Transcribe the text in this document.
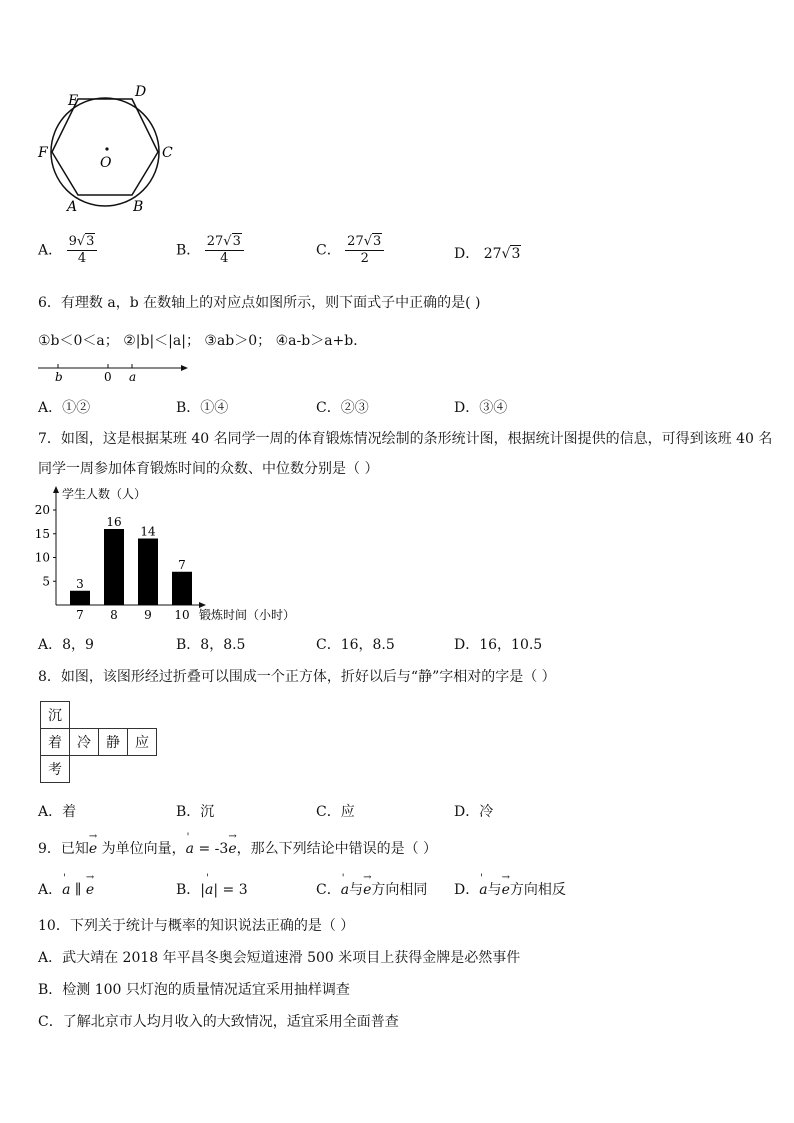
E
D
F	C
O
A	B
A． $\frac{9√3}{4}$	B． $\frac{27√3}{4}$	C． $\frac{27√3}{2}$	D． 27√3
6．有理数 a，b 在数轴上的对应点如图所示，则下面式子中正确的是( )
①b＜0＜a； ②|b|＜|a|； ③ab＞0； ④a-b＞a+b．
b	0 a
A．①②	B．①④	C．②③	D．③④
7．如图，这是根据某班 40 名同学一周的体育锻炼情况绘制的条形统计图，根据统计图提供的信息，可得到该班 40 名
同学一周参加体育锻炼时间的众数、中位数分别是（ ）
学生人数（人）
锻炼时间（小时）
5
10
15
20
3
7
16
8
14
9
7
10
A．8，9	B．8，8.5	C．16，8.5	D．16，10.5
8．如图，该图形经过折叠可以围成一个正方体，折好以后与“静”字相对的字是（ ）
沉			
着	冷	静	应
考			
A．着	B．沉	C．应	D．冷
9．已知→ e 为单位向量，' a = -3→ e，那么下列结论中错误的是（ ）
A．' a ∥ → e	B．|' a| = 3	C．' a与→ e方向相同 D．' a与→ e方向相反
10．下列关于统计与概率的知识说法正确的是（ ）
A．武大靖在 2018 年平昌冬奥会短道速滑 500 米项目上获得金牌是必然事件
B．检测 100 只灯泡的质量情况适宜采用抽样调查
C．了解北京市人均月收入的大致情况，适宜采用全面普查
